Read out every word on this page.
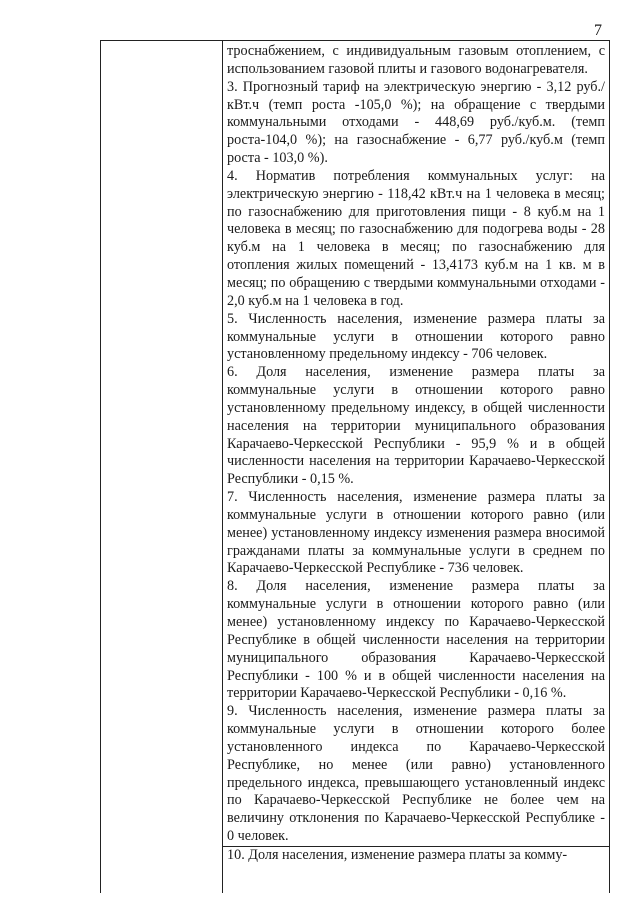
7

троснабжением, с индивидуальным газовым отоплением, с использованием газовой плиты и газового водонагревателя.

3. Прогнозный тариф на электрическую энергию - 3,12 руб./кВт.ч (темп роста -105,0 %); на обращение с твердыми коммунальными отходами - 448,69 руб./куб.м. (темп роста-104,0 %); на газоснабжение - 6,77 руб./куб.м (темп роста - 103,0 %).

4. Норматив потребления коммунальных услуг: на электрическую энергию - 118,42 кВт.ч на 1 человека в месяц; по газоснабжению для приготовления пищи - 8 куб.м на 1 человека в месяц; по газоснабжению для подогрева воды - 28 куб.м на 1 человека в месяц; по газоснабжению для отопления жилых помещений - 13,4173 куб.м на 1 кв. м в месяц; по обращению с твердыми коммунальными отходами - 2,0 куб.м на 1 человека в год.

5. Численность населения, изменение размера платы за коммунальные услуги в отношении которого равно установленному предельному индексу - 706 человек.

6. Доля населения, изменение размера платы за коммунальные услуги в отношении которого равно установленному предельному индексу, в общей численности населения на территории муниципального образования Карачаево-Черкесской Республики - 95,9 % и в общей численности населения на территории Карачаево-Черкесской Республики - 0,15 %.

7. Численность населения, изменение размера платы за коммунальные услуги в отношении которого равно (или менее) установленному индексу изменения размера вносимой гражданами платы за коммунальные услуги в среднем по Карачаево-Черкесской Республике - 736 человек.

8. Доля населения, изменение размера платы за коммунальные услуги в отношении которого равно (или менее) установленному индексу по Карачаево-Черкесской Республике в общей численности населения на территории муниципального образования Карачаево-Черкесской Республики - 100 % и в общей численности населения на территории Карачаево-Черкесской Республики - 0,16 %.

9. Численность населения, изменение размера платы за коммунальные услуги в отношении которого более установленного индекса по Карачаево-Черкесской Республике, но менее (или равно) установленного предельного индекса, превышающего установленный индекс по Карачаево-Черкесской Республике не более чем на величину отклонения по Карачаево-Черкесской Республике - 0 человек.

10. Доля населения, изменение размера платы за комму-
